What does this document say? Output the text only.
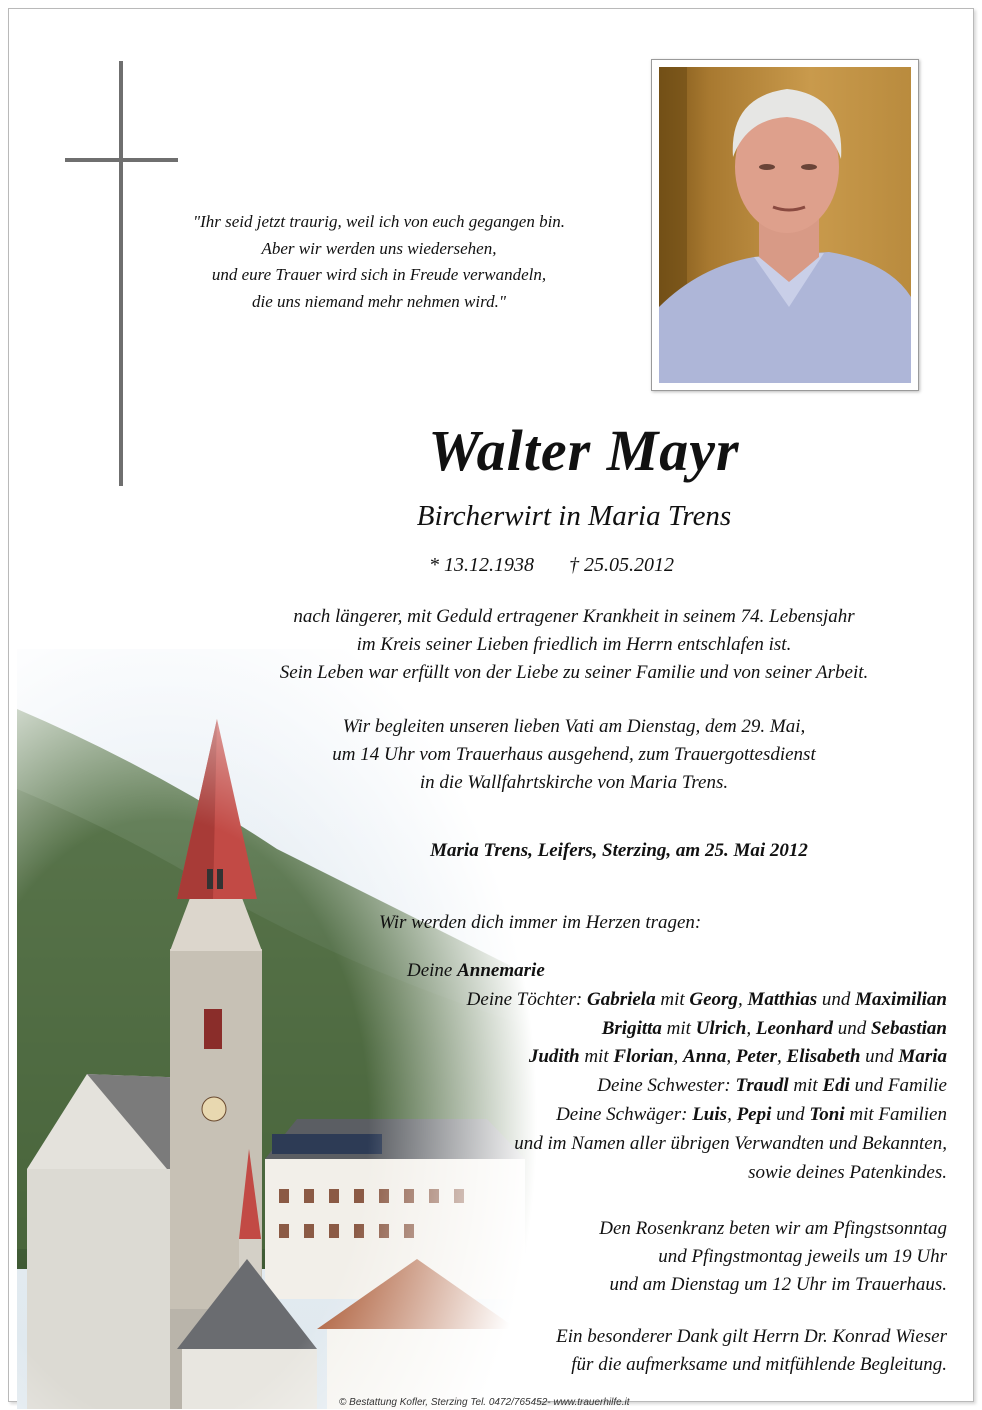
"Ihr seid jetzt traurig, weil ich von euch gegangen bin.
Aber wir werden uns wiedersehen,
und eure Trauer wird sich in Freude verwandeln,
die uns niemand mehr nehmen wird."
Walter Mayr
Bircherwirt in Maria Trens
* 13.12.1938 † 25.05.2012
nach längerer, mit Geduld ertragener Krankheit in seinem 74. Lebensjahr
im Kreis seiner Lieben friedlich im Herrn entschlafen ist.
Sein Leben war erfüllt von der Liebe zu seiner Familie und von seiner Arbeit.
Wir begleiten unseren lieben Vati am Dienstag, dem 29. Mai,
um 14 Uhr vom Trauerhaus ausgehend, zum Trauergottesdienst
in die Wallfahrtskirche von Maria Trens.
Maria Trens, Leifers, Sterzing, am 25. Mai 2012
Wir werden dich immer im Herzen tragen:
Deine Annemarie
Deine Töchter: Gabriela mit Georg, Matthias und Maximilian
Brigitta mit Ulrich, Leonhard und Sebastian
Judith mit Florian, Anna, Peter, Elisabeth und Maria
Deine Schwester: Traudl mit Edi und Familie
Deine Schwäger: Luis, Pepi und Toni mit Familien
und im Namen aller übrigen Verwandten und Bekannten,
sowie deines Patenkindes.
Den Rosenkranz beten wir am Pfingstsonntag
und Pfingstmontag jeweils um 19 Uhr
und am Dienstag um 12 Uhr im Trauerhaus.
Ein besonderer Dank gilt Herrn Dr. Konrad Wieser
für die aufmerksame und mitfühlende Begleitung.
© Bestattung Kofler, Sterzing Tel. 0472/765452- www.trauerhilfe.it
